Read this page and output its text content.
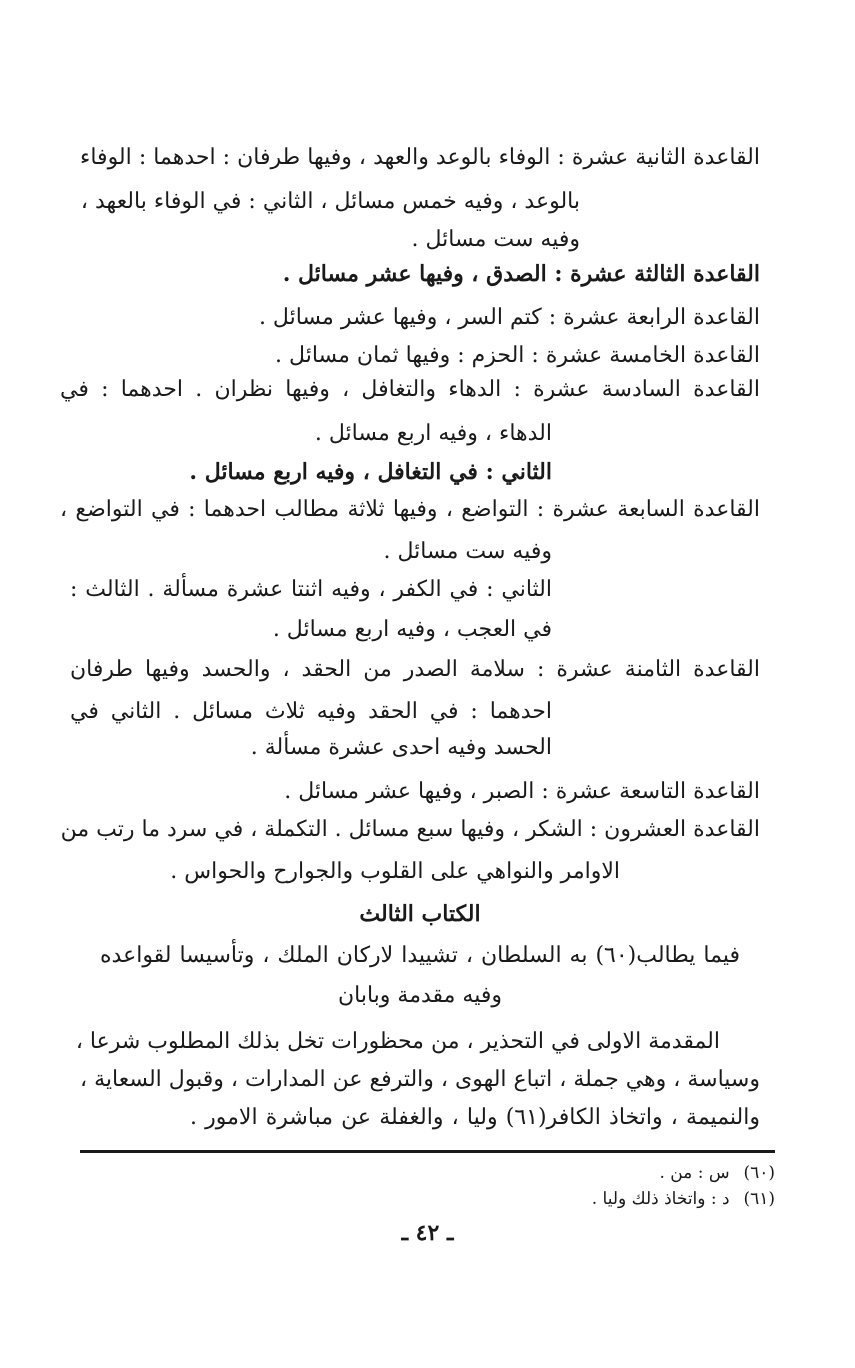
القاعدة الثانية عشرة : الوفاء بالوعد والعهد ، وفيها طرفان : احدهما : الوفاء

بالوعد ، وفيه خمس مسائل ، الثاني : في الوفاء بالعهد ،

وفيه ست مسائل .

القاعدة الثالثة عشرة : الصدق ، وفيها عشر مسائل .

القاعدة الرابعة عشرة : كتم السر ، وفيها عشر مسائل .

القاعدة الخامسة عشرة : الحزم : وفيها ثمان مسائل .

القاعدة السادسة عشرة : الدهاء والتغافل ، وفيها نظران . احدهما : في

الدهاء ، وفيه اربع مسائل .

الثاني : في التغافل ، وفيه اربع مسائل .

القاعدة السابعة عشرة : التواضع ، وفيها ثلاثة مطالب احدهما : في التواضع ،

وفيه ست مسائل .

الثاني : في الكفر ، وفيه اثنتا عشرة مسألة . الثالث :

في العجب ، وفيه اربع مسائل .

القاعدة الثامنة عشرة : سلامة الصدر من الحقد ، والحسد وفيها طرفان

احدهما : في الحقد وفيه ثلاث مسائل . الثاني في

الحسد وفيه احدى عشرة مسألة .

القاعدة التاسعة عشرة : الصبر ، وفيها عشر مسائل .

القاعدة العشرون : الشكر ، وفيها سبع مسائل . التكملة ، في سرد ما رتب من

الاوامر والنواهي على القلوب والجوارح والحواس .

الكتاب الثالث

فيما يطالب(٦٠) به السلطان ، تشييدا لاركان الملك ، وتأسيسا لقواعده

وفيه مقدمة وبابان

المقدمة الاولى في التحذير ، من محظورات تخل بذلك المطلوب شرعا ،

وسياسة ، وهي جملة ، اتباع الهوى ، والترفع عن المدارات ، وقبول السعاية ،

والنميمة ، واتخاذ الكافر(٦١) وليا ، والغفلة عن مباشرة الامور .

(٦٠) س : من .

(٦١) د : واتخاذ ذلك وليا .

ـ ٤٢ ـ
